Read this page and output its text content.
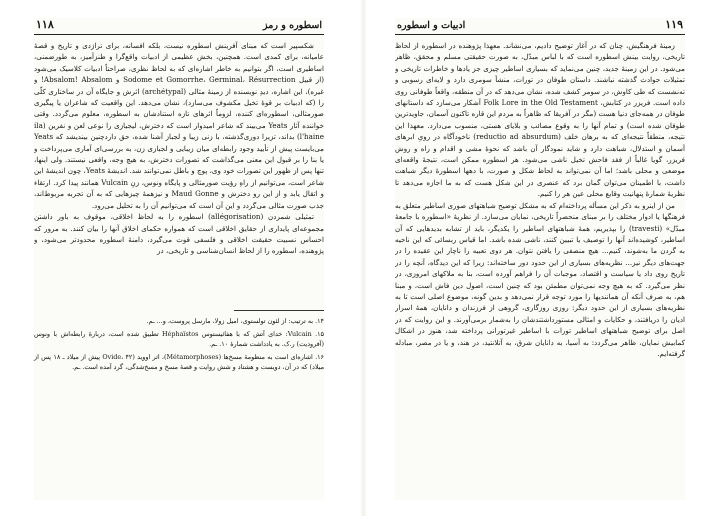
۱۱۹
ادبیات و اسطوره

زمینهٔ فرهنگیش، چنان که در آغاز توضیح دادیم، می‌نشاند. معهذا پژوهنده در اسطوره از لحاظ تاریخی، روایت بینش اسطوره است که با لباس مبدّل، به صورت حقیقتی مسلم و محقق، ظاهر می‌شود. در این زمینهٔ جدید، چنین می‌نماید که بسیاری اساطیر چیزی جز یادها و خاطرات تاریخی و تمثیلات حوادث گذشته نباشند. داستان طوفان در تورات، منشأ سومری دارد و لایه‌ای رسوبی و ته‌نشست که طی کاوش، در سومر کشف شده، نشان می‌دهد که در آن منطقه، واقعاً طوفانی روی داده است. فریزر در کتابش، Folk Lore in the Old Testament آشکار می‌سازد که داستانهای طوفان در همه‌جای دنیا هست (مگر در آفریقا که ظاهراً به مردم این قاره تاکنون آسمان، جاویدترین طوفان شده است) و تمام آنها را به وقوع مصائب و بلایای هستی، منسوب می‌دارد. معهذا این نتیجه، منطقاً نتیجه‌ای که به برهان خلف (reductio ad absurdum) ناخودآگاه در رویِ ابرهای آسمان و استدلال، شباهت دارد و شاید نمودگار آن باشد که نحوهٔ مشی و اقدام و راه و روش فریزر، گویا غالباً از فقد فاحش تخیل ناشی می‌شود. هر اسطوره ممکن است، نتیجهٔ واقعه‌ای موضعی و محلی باشد؛ اما آن نمی‌تواند به لحاظ شکل و صورت، با دهها اسطورهٔ دیگر شباهت داشت، با اطمینان می‌توان گمان برد که عنصری در این شکل هست که به ما اجازه می‌دهد تا نظریهٔ شمارهٔ پنهانیت وقایع محلی عین هر را کنیم.

من از اینرو به ذکر این مسأله پرداخته‌ام که به مشکل توضیح شباهتهای صوری اساطیر متعلق به فرهنگها یا ادوار مختلف را بر مبنای منحصراً تاریخی، نمایان می‌سازد. از نظریهٔ «اسطوره با جامعهٔ مبدّل» (travesti) را بپذیریم، همهٔ شباهتهای اساطیر را یکدیگر، باید از تشابه بدیدهایی که آن اساطیر، کوشیده‌اند آنها را توصیف یا تبیین کنند، ناشی شده باشد. اما قیاس ربسائی که این ناحیه به گردن ما به‌شوند، کنیم... هیچ منصفی را یافتن نتوان. هر دوی تعبیه را ناچار این عقیده را در جهت‌های دیگر نیز... نظریه‌های بسیاری از این حدود دور ساخته‌اند: زیرا که این دیدگاه، آنچه را در تاریخ روی داد یا سیاست و اقتصاد، موجبات آن را فراهم آورده است، بنا به ملاکهای امروزی، در نظر می‌گیرد. که به هیچ وجه نمی‌توان مطمئن بود که چنین است، اصول دین فاش است، و مبنا هم، به صرف آنکه آن همانندیها را مورد توجه قرار نمی‌دهد و بدین گونه، موضوع اصلی است تا به نظریه‌های بسیاری از این حدود دیگر: روزی روزگاری، گروهی از فرزندان و دانایان، همهٔ اسرار ادیان را دریافتند، و حکایات و امثالی مستورداشتندشان را به‌شمار برمی‌آورند. و این روایت که در اصل برای توضیح شباهتهای اساطیر تورات با اساطیر غیرتورانی پرداخته شد، هنوز در اشکال کمابیش نمایان، ظاهر می‌گردد: به آسیا، به دانایان شرق، به آتلانتید، در هند، و یا در مصر، مبادله گرفته‌ایم.

اسطوره و رمز
۱۱۸

شکسپیر است که مبنای آفرینش اسطوره نیست، بلکه افسانه، برای تراژدی و تاریخ و قصهٔ عامیانه، برای کمدی است. همچنین، بخش عظیمی از ادبیات واقع‌گرا و طنزآمیز، به طورضمنی، اساطیری است، اگر بتوانیم به خاطر اشاره‌ای که به لحاظ نظری، صراحتاً ادبیات کلاسیک می‌شود (از قبیل Sodome et Gomorrhe، Germinal، Résurrection و Absalom! Absalom! و غیره)، این اشاره، دیدِ نویسنده از زمینهٔ مثالی (archétypal) اثرش و جایگاه آن در ساختاری کلّی را (که ادبیات بر قوهٔ تخیل مکشوف می‌سازد)، نشان می‌دهد. این واقعیت که شاعران یا پیگیری صورمثالی، اسطوره‌ای کننده، لزوماً اثرهای تازه استنادشان به اسطوره، معلوم می‌گردد. وقتی خواننده آثار Yeats می‌بیند که شاعر امیدوار است که دخترش، لیجیازی را نوعی لعن و نفرین (ila l'haine) بداند، تزیرا دوری‌گذشته، با زنی زیبا و لجباز آشنا شده، حق داردچنین بیندیشد که Yeats می‌بایست پیش از تأیید وجود رابطه‌ای میان زیبایی و لجبازی زن، به بررسی‌ای آماری می‌پرداخت و یا بنا را بر قبول این معنی می‌گذاشت که تصورات دخترش، به هیچ وجه، واقعی نیستند. ولی اینها، تنها پس از ظهور این تصورات خود وی، پوچ و باطل نمی‌توانند شد. اندیشهٔ Yeats، چون اندیشهٔ این شاعر است، می‌توانیم از راهِ رؤیت صورمثالی و پایگاه ونوس، زنِ Vulcain همانند پیدا کرد. ارتقاء و اتقال یابد و از این رو دخترش و Maud Gonne و نیزهمهٔ چیزهایی که به آن تجربه مربوط‌اند، جذب صورت مثالی می‌گردد و این آن است که می‌توانیم آن را به تحلیل می‌رود.

تمثیلی شمردن (allégorisation) اسطوره را به لحاظ اخلاقی، موقوف به باور داشتن مجموعه‌ای پایداری از حقایق اخلاقی است که همواره حکمای اخلاق آنها را بیان کنند. به مرور که احساس نسبیت حقیقت اخلاقی و فلسفی قوت می‌گیرد، دامنهٔ اسطوره محدودتر می‌شود، و پژوهنده، اسطوره را از لحاظ انسان‌شناسی و تاریخی، در

۱۴. به ترتیب: از لئون تولستوی، امیل زولا، مارسل پروست، و... ـم.
۱۵. Vulcain: خدای آتش که با هفائیستوس Héphaïstos تطبیق شده است، درباره‌ٔ رابطه‌اش با ونوس (آفرودیت) ر.ک. به یادداشت شمارهٔ ۱۰. ـم.
۱۶. اشاره‌ای است به منظومهٔ مسخ‌ها (Métamorphoses)، اثر اووید (Ovide، ۴۲ پیش از میلاد ـ ۱۸ پس از میلاد) که در آن، دویست و هشتاد و شش روایت و قصهٔ مسخ و مسخ‌شدگی، گرد آمده است. ـم.
